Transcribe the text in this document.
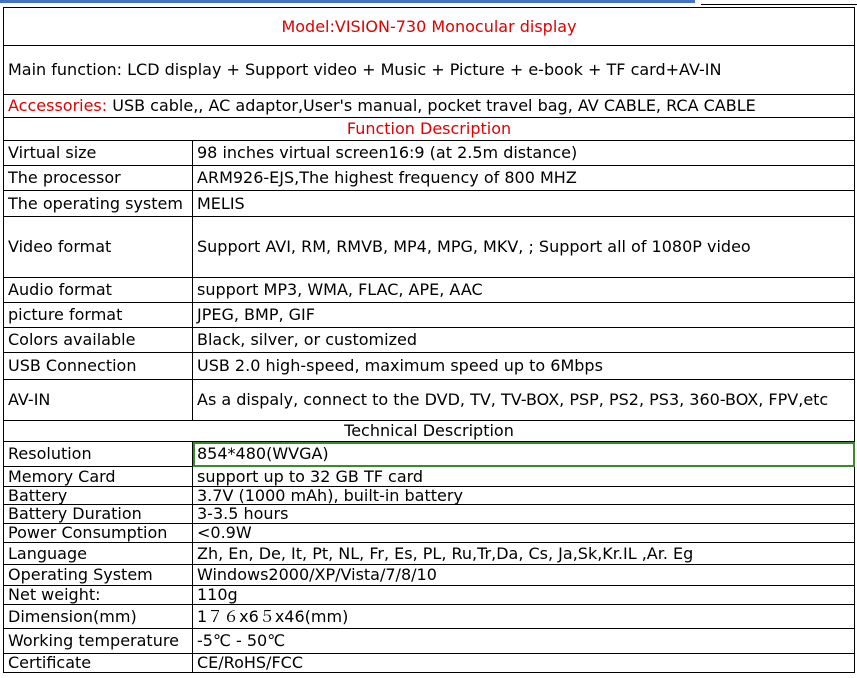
Model:VISION-730 Monocular display	
Main function: LCD display + Support video + Music + Picture + e-book + TF card+AV-IN	
Accessories: USB cable,, AC adaptor,User's manual, pocket travel bag, AV CABLE, RCA CABLE	
Function Description	
Virtual size	98 inches virtual screen16:9 (at 2.5m distance)
The processor	ARM926-EJS,The highest frequency of 800 MHZ
The operating system	MELIS
Video format	Support AVI, RM, RMVB, MP4, MPG, MKV, ; Support all of 1080P video
Audio format	support MP3, WMA, FLAC, APE, AAC
picture format	JPEG, BMP, GIF
Colors available	Black, silver, or customized
USB Connection	USB 2.0 high-speed, maximum speed up to 6Mbps
AV-IN	As a dispaly, connect to the DVD, TV, TV-BOX, PSP, PS2, PS3, 360-BOX, FPV,etc
Technical Description	
Resolution	854*480(WVGA)
Memory Card	support up to 32 GB TF card
Battery	3.7V (1000 mAh), built-in battery
Battery Duration	3-3.5 hours
Power Consumption	<0.9W
Language	Zh, En, De, It, Pt, NL, Fr, Es, PL, Ru,Tr,Da, Cs, Ja,Sk,Kr.IL ,Ar. Eg
Operating System	Windows2000/XP/Vista/7/8/10
Net weight:	110g
Dimension(mm)	1７６x6５x46(mm)
Working temperature	-5℃ - 50℃
Certificate	CE/RoHS/FCC
